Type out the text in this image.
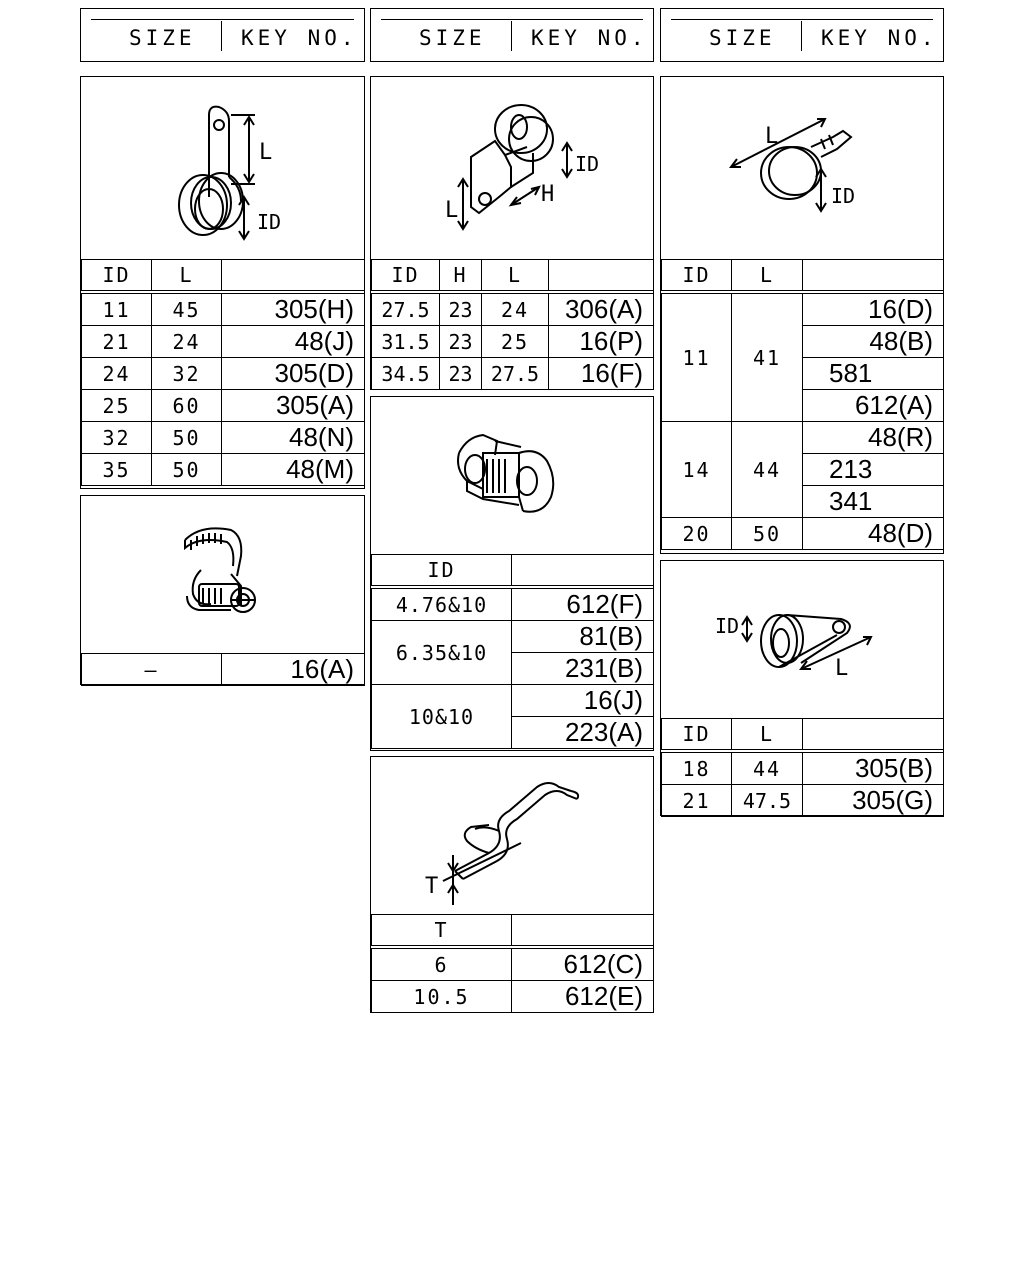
SIZE KEY NO.	SIZE KEY NO.	SIZE KEY NO.
L
ID
ID	L	
11	45	305(H)
21	24	48(J)
24	32	305(D)
25	60	305(A)
32	50	48(N)
35	50	48(M)
—	16(A)
L
ID
H
ID	H	L	
27.5	23	24	306(A)
31.5	23	25	16(P)
34.5	23	27.5	16(F)
ID	
4.76&10	612(F)
6.35&10	81(B)
	231(B)
10&10	16(J)
	223(A)
T
T	
6	612(C)
10.5	612(E)
L
ID
ID	L	
11	41	16(D)
		48(B)
		581
		612(A)
14	44	48(R)
		213
		341
20	50	48(D)
ID
L
ID	L	
18	44	305(B)
21	47.5	305(G)
